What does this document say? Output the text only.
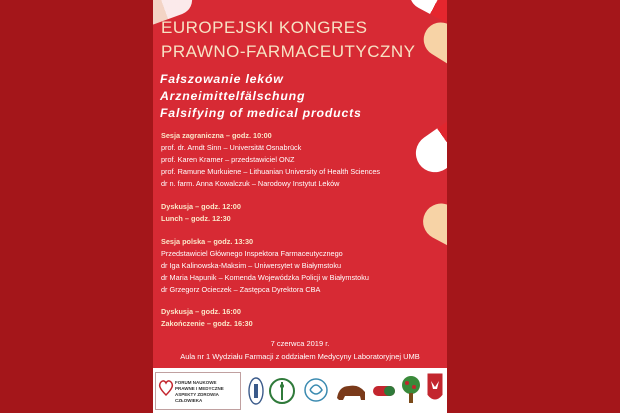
EUROPEJSKI KONGRES
PRAWNO-FARMACEUTYCZNY
Fałszowanie leków
Arzneimittelfälschung
Falsifying of medical products
Sesja zagraniczna – godz. 10:00
prof. dr. Arndt Sinn – Universität Osnabrück
prof. Karen Kramer – przedstawiciel ONZ
prof. Ramune Murkuiene – Lithuanian University of Health Sciences
dr n. farm. Anna Kowalczuk – Narodowy Instytut Leków
Dyskusja – godz. 12:00
Lunch – godz. 12:30
Sesja polska – godz. 13:30
Przedstawiciel Głównego Inspektora Farmaceutycznego
dr Iga Kalinowska-Maksim – Uniwersytet w Białymstoku
dr Maria Hapunik – Komenda Wojewódzka Policji w Białymstoku
dr Grzegorz Ocieczek – Zastępca Dyrektora CBA
Dyskusja – godz. 16:00
Zakończenie – godz. 16:30
7 czerwca 2019 r.
Aula nr 1 Wydziału Farmacji z oddziałem Medycyny Laboratoryjnej UMB
FORUM NAUKOWE
PRAWNE I MEDYCZNE
ASPEKTY ZDROWIA CZŁOWIEKA
